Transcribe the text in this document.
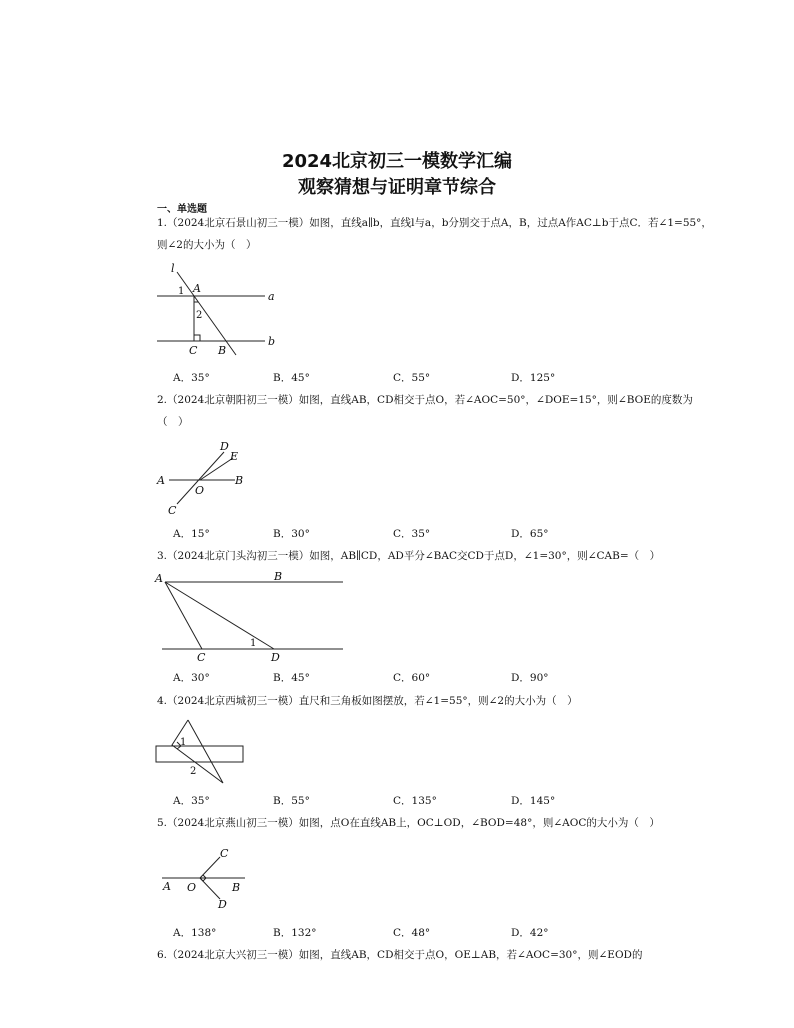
2024北京初三一模数学汇编
观察猜想与证明章节综合
一、单选题
1.（2024北京石景山初三一模）如图，直线a∥b，直线l与a，b分别交于点A，B，过点A作AC⊥b于点C．若∠1=55°，则∠2的大小为（　）
l
1 A
a
2
b
C B
A．35°	B．45°	C．55°	D．125°
2.（2024北京朝阳初三一模）如图，直线AB，CD相交于点O，若∠AOC=50°，∠DOE=15°，则∠BOE的度数为（　）
D
E
A
O
B
C
A．15°	B．30°	C．35°	D．65°
3.（2024北京门头沟初三一模）如图，AB∥CD，AD平分∠BAC交CD于点D，∠1=30°，则∠CAB=（　）
A	B
1
C	D
A．30°	B．45°	C．60°	D．90°
4.（2024北京西城初三一模）直尺和三角板如图摆放，若∠1=55°，则∠2的大小为（　）
1
2
A．35°	B．55°	C．135°	D．145°
5.（2024北京燕山初三一模）如图，点O在直线AB上，OC⊥OD，∠BOD=48°，则∠AOC的大小为（　）
C
A O	B
D
A．138°	B．132°	C．48°	D．42°
6.（2024北京大兴初三一模）如图，直线AB，CD相交于点O，OE⊥AB，若∠AOC=30°，则∠EOD的
